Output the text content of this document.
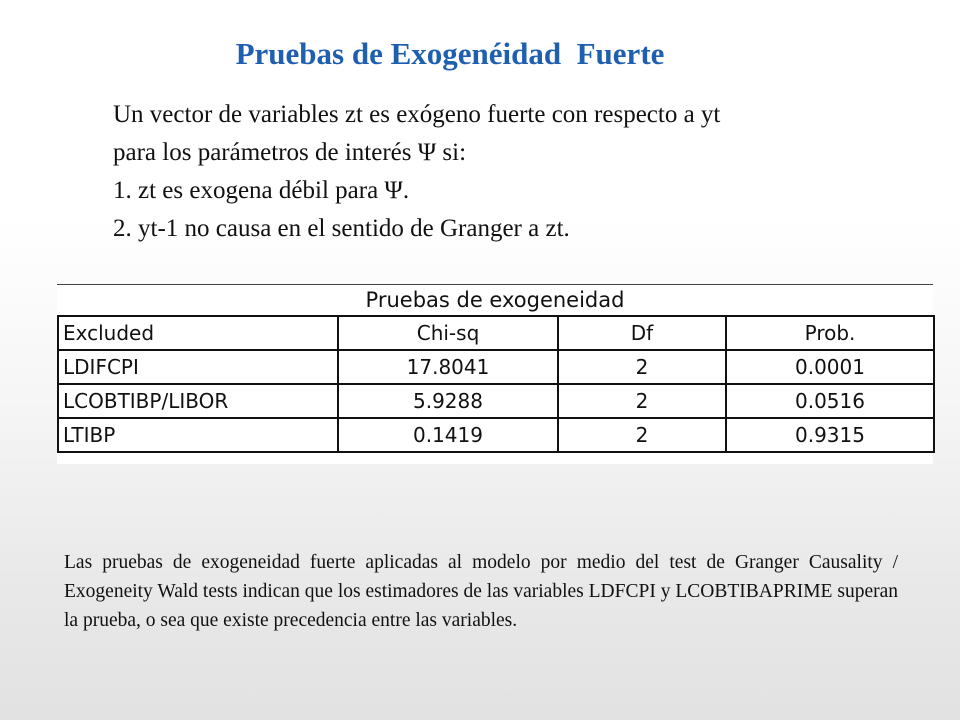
Pruebas de Exogenéidad  Fuerte
Un vector de variables zt es exógeno fuerte con respecto a yt
para los parámetros de interés Ψ si:
1. zt es exogena débil para Ψ.
2. yt-1 no causa en el sentido de Granger a zt.
Pruebas de exogeneidad
Excluded	Chi-sq	Df	Prob.
LDIFCPI	17.8041	2	0.0001
LCOBTIBP/LIBOR	5.9288	2	0.0516
LTIBP	0.1419	2	0.9315
Las pruebas de exogeneidad fuerte aplicadas al modelo por medio del test de Granger Causality / Exogeneity Wald tests indican que los estimadores de las variables LDFCPI y LCOBTIBAPRIME superan la prueba, o sea que existe precedencia entre las variables.
